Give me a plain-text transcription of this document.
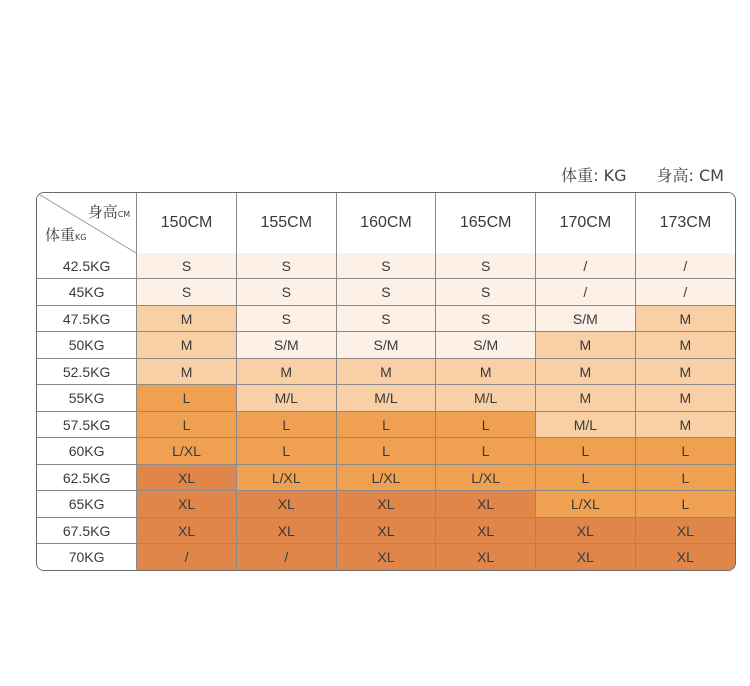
体重: KG 身高: CM
身高CM
体重KG	150CM	155CM	160CM	165CM	170CM	173CM
42.5KG	S	S	S	S	/	/
45KG	S	S	S	S	/	/
47.5KG	M	S	S	S	S/M	M
50KG	M	S/M	S/M	S/M	M	M
52.5KG	M	M	M	M	M	M
55KG	L	M/L	M/L	M/L	M	M
57.5KG	L	L	L	L	M/L	M
60KG	L/XL	L	L	L	L	L
62.5KG	XL	L/XL	L/XL	L/XL	L	L
65KG	XL	XL	XL	XL	L/XL	L
67.5KG	XL	XL	XL	XL	XL	XL
70KG	/	/	XL	XL	XL	XL
